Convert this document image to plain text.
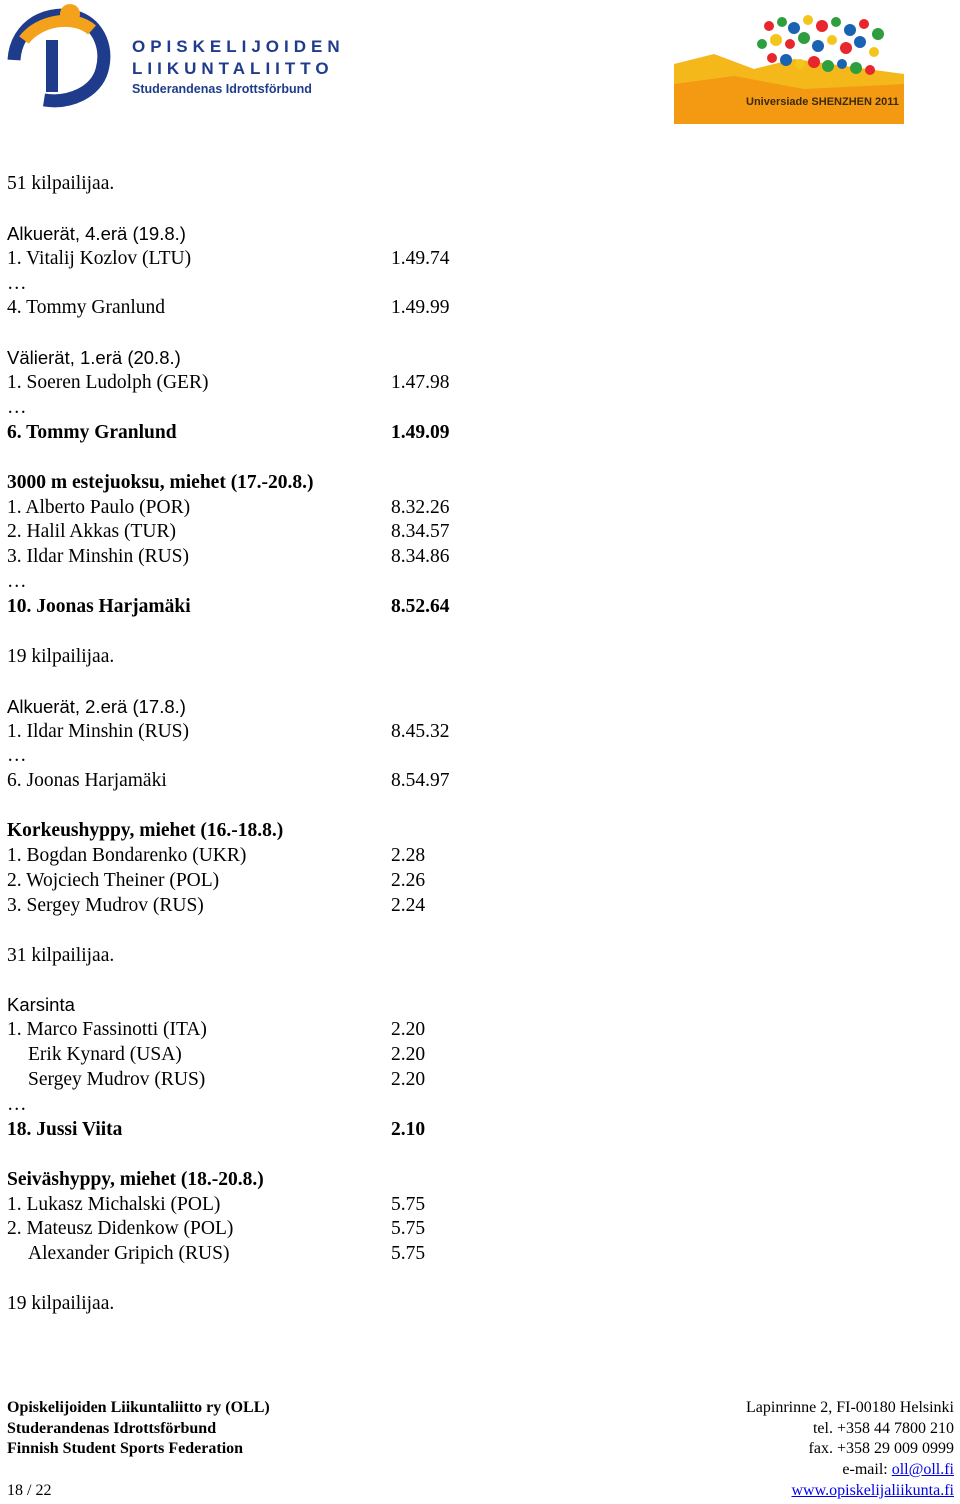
OPISKELIJOIDEN
LIIKUNTALIITTO
Studerandenas Idrottsförbund
Universiade SHENZHEN 2011
51 kilpailijaa.
Alkuerät, 4.erä (19.8.)
1. Vitalij Kozlov (LTU)	1.49.74
…
4. Tommy Granlund	1.49.99
Välierät, 1.erä (20.8.)
1. Soeren Ludolph (GER)	1.47.98
…
6. Tommy Granlund	1.49.09
3000 m estejuoksu, miehet (17.-20.8.)
1. Alberto Paulo (POR)	8.32.26
2. Halil Akkas (TUR)	8.34.57
3. Ildar Minshin (RUS)	8.34.86
…
10. Joonas Harjamäki	8.52.64
19 kilpailijaa.
Alkuerät, 2.erä (17.8.)
1. Ildar Minshin (RUS)	8.45.32
…
6. Joonas Harjamäki	8.54.97
Korkeushyppy, miehet (16.-18.8.)
1. Bogdan Bondarenko (UKR)	2.28
2. Wojciech Theiner (POL)	2.26
3. Sergey Mudrov (RUS)	2.24
31 kilpailijaa.
Karsinta
1. Marco Fassinotti (ITA)	2.20
Erik Kynard (USA)	2.20
Sergey Mudrov (RUS)	2.20
…
18. Jussi Viita	2.10
Seiväshyppy, miehet (18.-20.8.)
1. Lukasz Michalski (POL)	5.75
2. Mateusz Didenkow (POL)	5.75
Alexander Gripich (RUS)	5.75
19 kilpailijaa.
Opiskelijoiden Liikuntaliitto ry (OLL)
Studerandenas Idrottsförbund
Finnish Student Sports Federation
Lapinrinne 2, FI-00180 Helsinki
tel. +358 44 7800 210
fax. +358 29 009 0999
e-mail: oll@oll.fi
www.opiskelijaliikunta.fi
18 / 22
